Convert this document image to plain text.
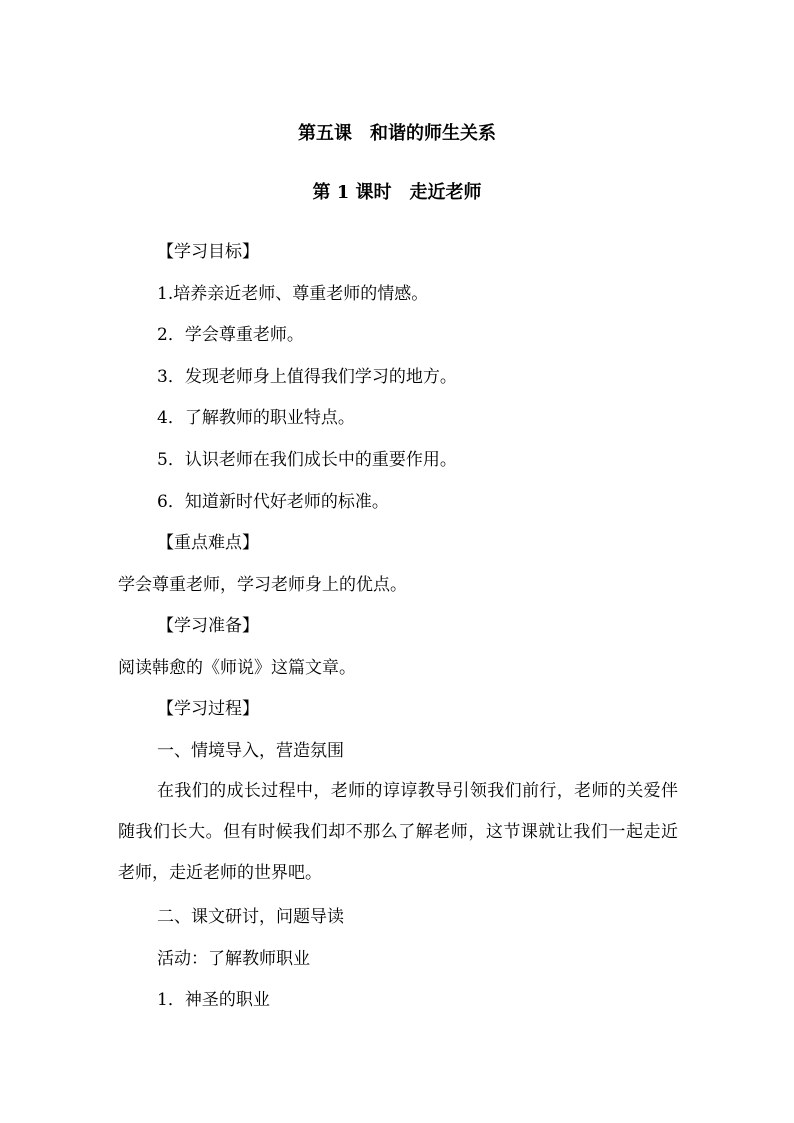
第五课　和谐的师生关系
第 1 课时　走近老师
【学习目标】
1.培养亲近老师、尊重老师的情感。
2．学会尊重老师。
3．发现老师身上值得我们学习的地方。
4．了解教师的职业特点。
5．认识老师在我们成长中的重要作用。
6．知道新时代好老师的标准。
【重点难点】
学会尊重老师，学习老师身上的优点。
【学习准备】
阅读韩愈的《师说》这篇文章。
【学习过程】
一、情境导入，营造氛围
在我们的成长过程中，老师的谆谆教导引领我们前行，老师的关爱伴随我们长大。但有时候我们却不那么了解老师，这节课就让我们一起走近老师，走近老师的世界吧。
二、课文研讨，问题导读
活动：了解教师职业
1．神圣的职业
